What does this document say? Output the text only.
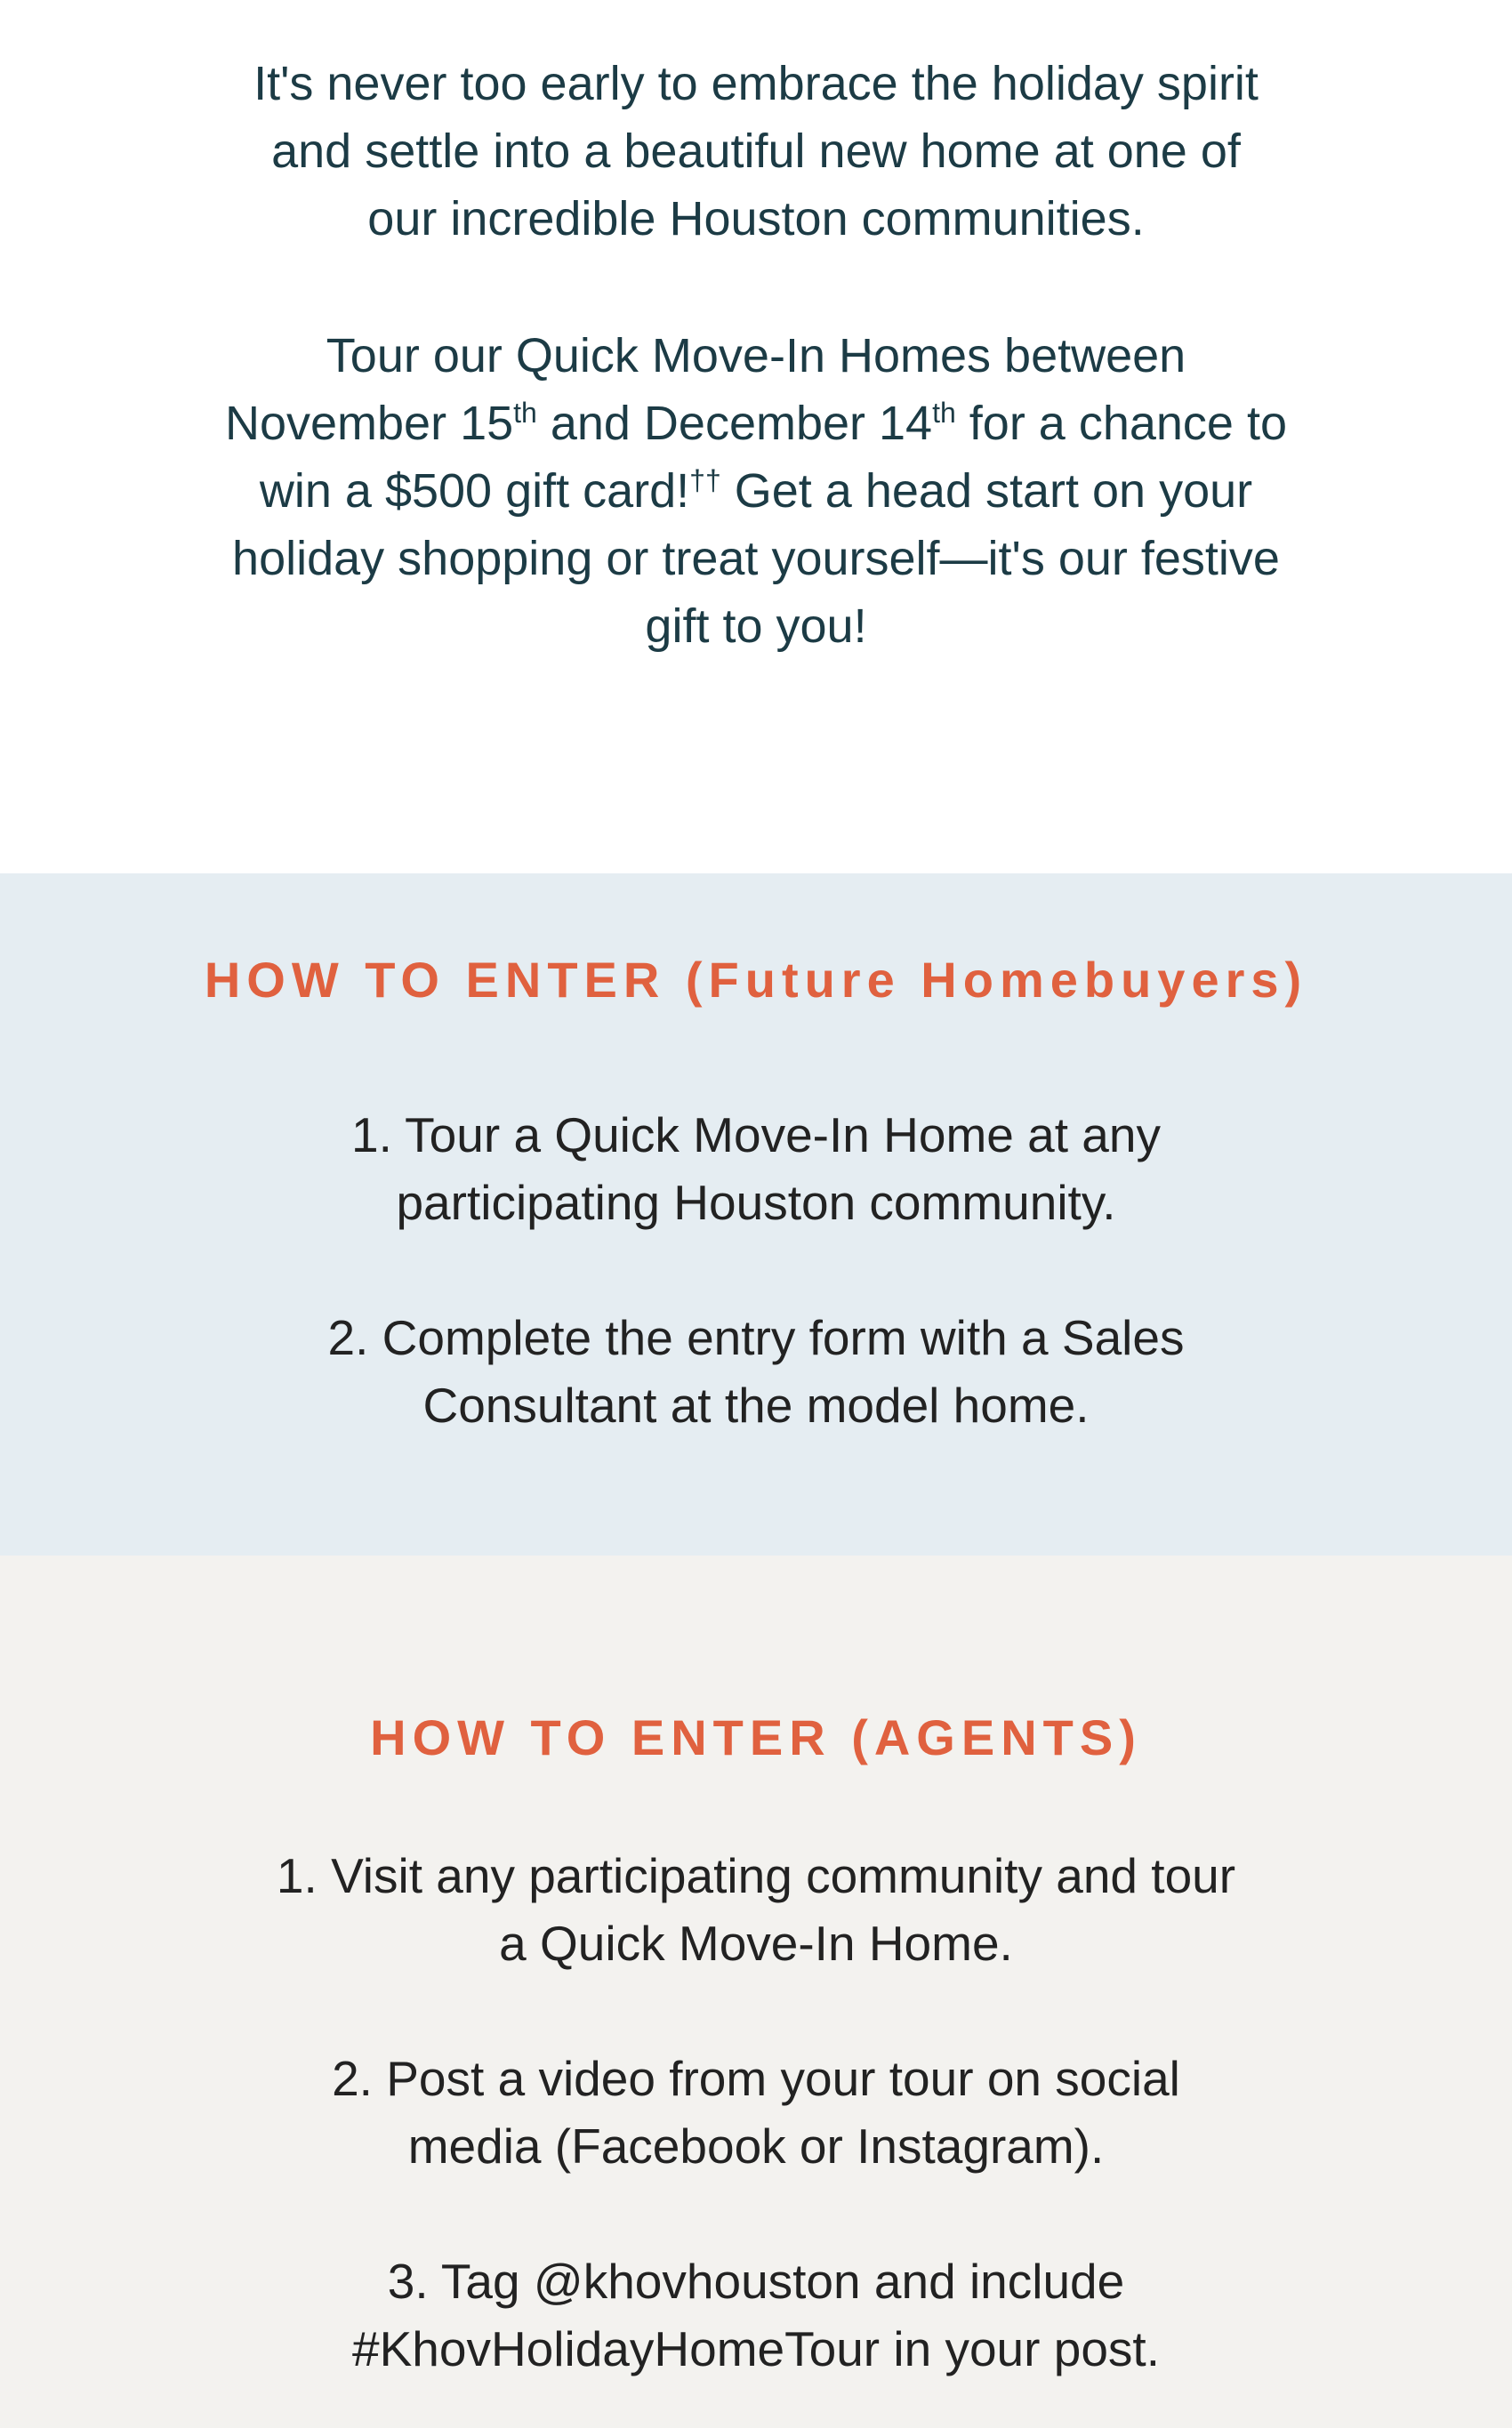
It's never too early to embrace the holiday spirit
and settle into a beautiful new home at one of
our incredible Houston communities.

Tour our Quick Move-In Homes between
November 15th and December 14th for a chance to
win a $500 gift card!†† Get a head start on your
holiday shopping or treat yourself—it's our festive
gift to you!

HOW TO ENTER (Future Homebuyers)

1. Tour a Quick Move-In Home at any
participating Houston community.

2. Complete the entry form with a Sales
Consultant at the model home.

HOW TO ENTER (AGENTS)

1. Visit any participating community and tour
a Quick Move-In Home.

2. Post a video from your tour on social
media (Facebook or Instagram).

3. Tag @khovhouston and include
#KhovHolidayHomeTour in your post.
